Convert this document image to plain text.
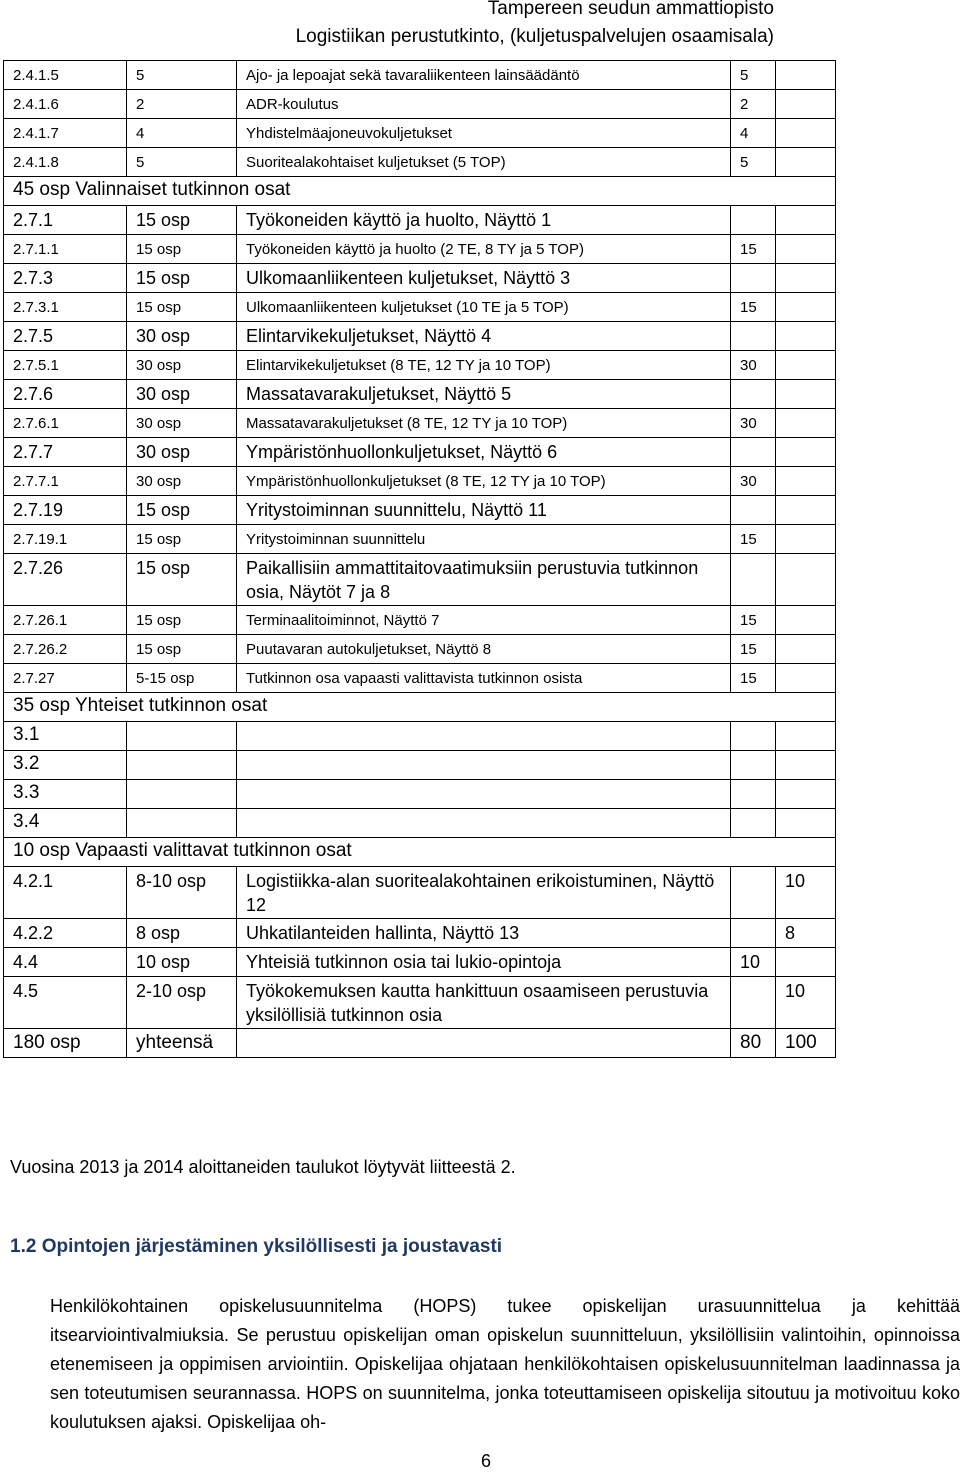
Tampereen seudun ammattiopisto
Logistiikan perustutkinto, (kuljetuspalvelujen osaamisala)
2.4.1.5	5	Ajo- ja lepoajat sekä tavaraliikenteen lainsäädäntö	5	
2.4.1.6	2	ADR-koulutus	2	
2.4.1.7	4	Yhdistelmäajoneuvokuljetukset	4	
2.4.1.8	5	Suoritealakohtaiset kuljetukset (5 TOP)	5	
45 osp Valinnaiset tutkinnon osat				
2.7.1	15 osp	Työkoneiden käyttö ja huolto, Näyttö 1		
2.7.1.1	15 osp	Työkoneiden käyttö ja huolto (2 TE, 8 TY ja 5 TOP)	15	
2.7.3	15 osp	Ulkomaanliikenteen kuljetukset, Näyttö 3		
2.7.3.1	15 osp	Ulkomaanliikenteen kuljetukset (10 TE ja 5 TOP)	15	
2.7.5	30 osp	Elintarvikekuljetukset, Näyttö 4		
2.7.5.1	30 osp	Elintarvikekuljetukset (8 TE, 12 TY ja 10 TOP)	30	
2.7.6	30 osp	Massatavarakuljetukset, Näyttö 5		
2.7.6.1	30 osp	Massatavarakuljetukset (8 TE, 12 TY ja 10 TOP)	30	
2.7.7	30 osp	Ympäristönhuollonkuljetukset, Näyttö 6		
2.7.7.1	30 osp	Ympäristönhuollonkuljetukset (8 TE, 12 TY ja 10 TOP)	30	
2.7.19	15 osp	Yritystoiminnan suunnittelu, Näyttö 11		
2.7.19.1	15 osp	Yritystoiminnan suunnittelu	15	
2.7.26	15 osp	Paikallisiin ammattitaitovaatimuksiin perustuvia tutkinnon osia, Näytöt 7 ja 8		
2.7.26.1	15 osp	Terminaalitoiminnot, Näyttö 7	15	
2.7.26.2	15 osp	Puutavaran autokuljetukset, Näyttö 8	15	
2.7.27	5-15 osp	Tutkinnon osa vapaasti valittavista tutkinnon osista	15	
35 osp Yhteiset tutkinnon osat				
3.1				
3.2				
3.3				
3.4				
10 osp Vapaasti valittavat tutkinnon osat				
4.2.1	8-10 osp	Logistiikka-alan suoritealakohtainen erikoistuminen, Näyttö 12		10
4.2.2	8 osp	Uhkatilanteiden hallinta, Näyttö 13		8
4.4	10 osp	Yhteisiä tutkinnon osia tai lukio-opintoja	10	
4.5	2-10 osp	Työkokemuksen kautta hankittuun osaamiseen perustuvia yksilöllisiä tutkinnon osia		10
180 osp	yhteensä		80	100
Vuosina 2013 ja 2014 aloittaneiden taulukot löytyvät liitteestä 2.
1.2 Opintojen järjestäminen yksilöllisesti ja joustavasti
Henkilökohtainen opiskelusuunnitelma (HOPS) tukee opiskelijan urasuunnittelua ja kehittää itsearviointivalmiuksia. Se perustuu opiskelijan oman opiskelun suunnitteluun, yksilöllisiin valintoihin, opinnoissa etenemiseen ja oppimisen arviointiin. Opiskelijaa ohjataan henkilökohtaisen opiskelusuunnitelman laadinnassa ja sen toteutumisen seurannassa. HOPS on suunnitelma, jonka toteuttamiseen opiskelija sitoutuu ja motivoituu koko koulutuksen ajaksi. Opiskelijaa oh-
6
